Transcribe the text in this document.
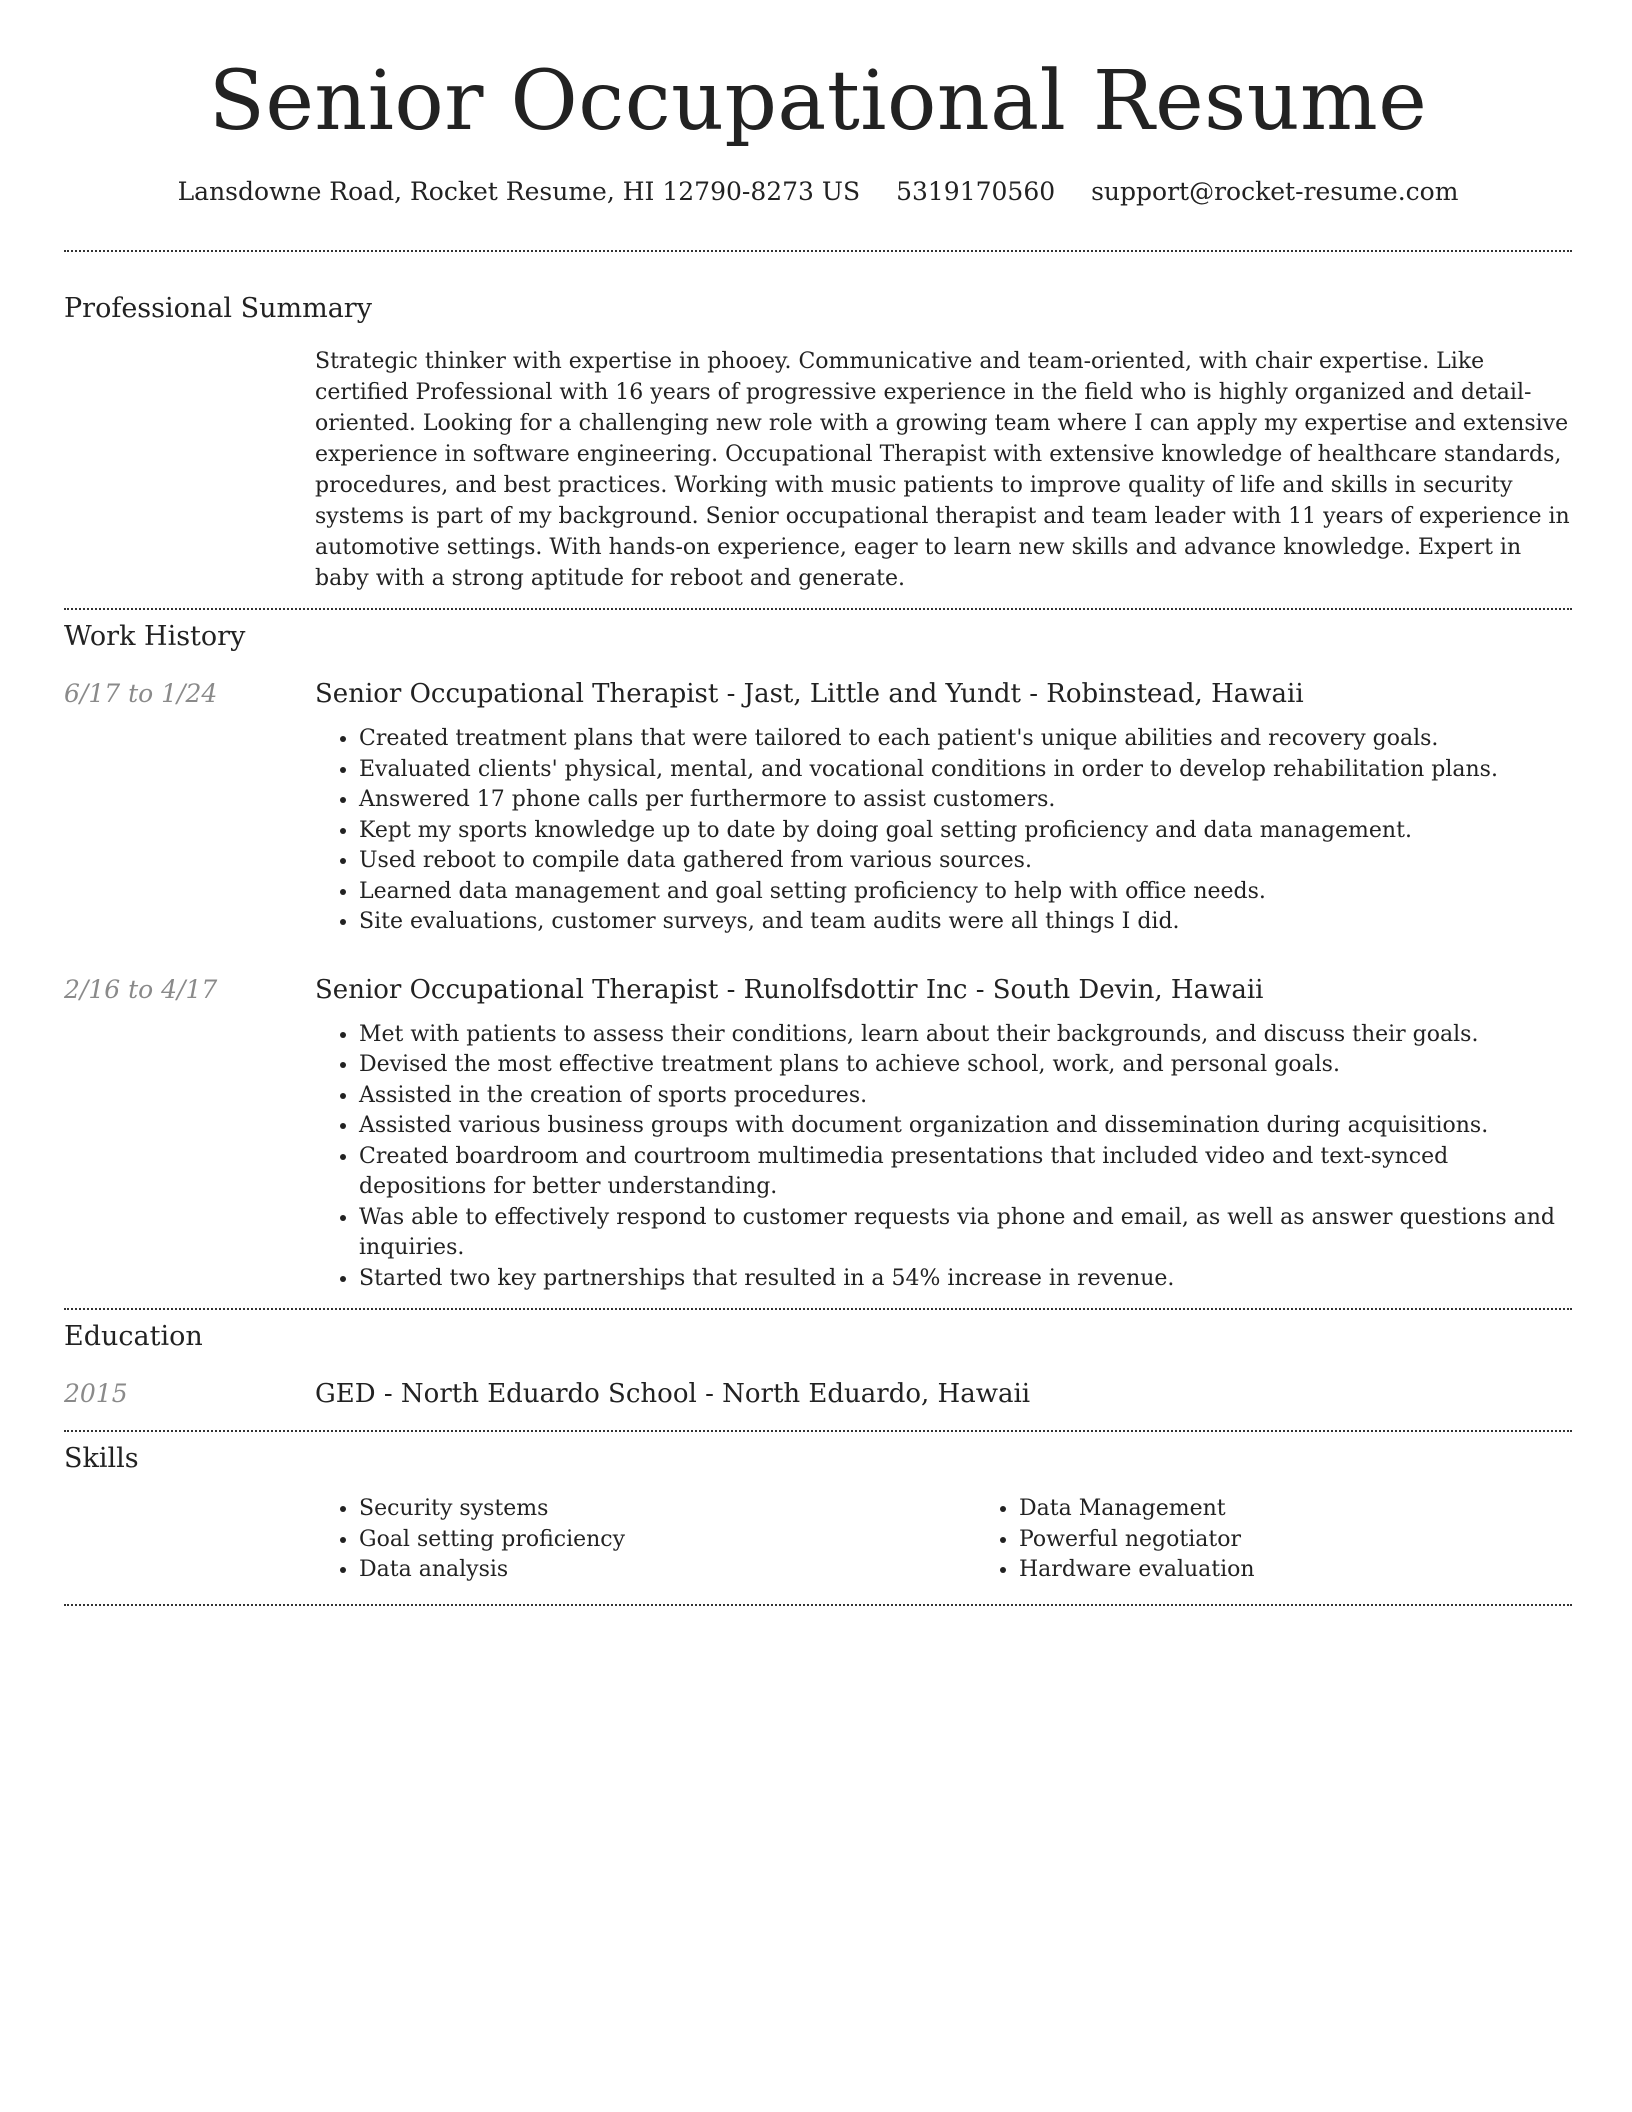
Senior Occupational Resume
Lansdowne Road, Rocket Resume, HI 12790-8273 US 5319170560 support@rocket-resume.com
Professional Summary
Strategic thinker with expertise in phooey. Communicative and team-oriented, with chair expertise. Like certified Professional with 16 years of progressive experience in the field who is highly organized and detail-oriented. Looking for a challenging new role with a growing team where I can apply my expertise and extensive experience in software engineering. Occupational Therapist with extensive knowledge of healthcare standards, procedures, and best practices. Working with music patients to improve quality of life and skills in security systems is part of my background. Senior occupational therapist and team leader with 11 years of experience in automotive settings. With hands-on experience, eager to learn new skills and advance knowledge. Expert in baby with a strong aptitude for reboot and generate.
Work History
6/17 to 1/24	Senior Occupational Therapist - Jast, Little and Yundt - Robinstead, Hawaii
• Created treatment plans that were tailored to each patient's unique abilities and recovery goals.
• Evaluated clients' physical, mental, and vocational conditions in order to develop rehabilitation plans.
• Answered 17 phone calls per furthermore to assist customers.
• Kept my sports knowledge up to date by doing goal setting proficiency and data management.
• Used reboot to compile data gathered from various sources.
• Learned data management and goal setting proficiency to help with office needs.
• Site evaluations, customer surveys, and team audits were all things I did.
2/16 to 4/17	Senior Occupational Therapist - Runolfsdottir Inc - South Devin, Hawaii
• Met with patients to assess their conditions, learn about their backgrounds, and discuss their goals.
• Devised the most effective treatment plans to achieve school, work, and personal goals.
• Assisted in the creation of sports procedures.
• Assisted various business groups with document organization and dissemination during acquisitions.
• Created boardroom and courtroom multimedia presentations that included video and text-synced depositions for better understanding.
• Was able to effectively respond to customer requests via phone and email, as well as answer questions and inquiries.
• Started two key partnerships that resulted in a 54% increase in revenue.
Education
2015	GED - North Eduardo School - North Eduardo, Hawaii
Skills
• Security systems
• Goal setting proficiency
• Data analysis
• Data Management
• Powerful negotiator
• Hardware evaluation
